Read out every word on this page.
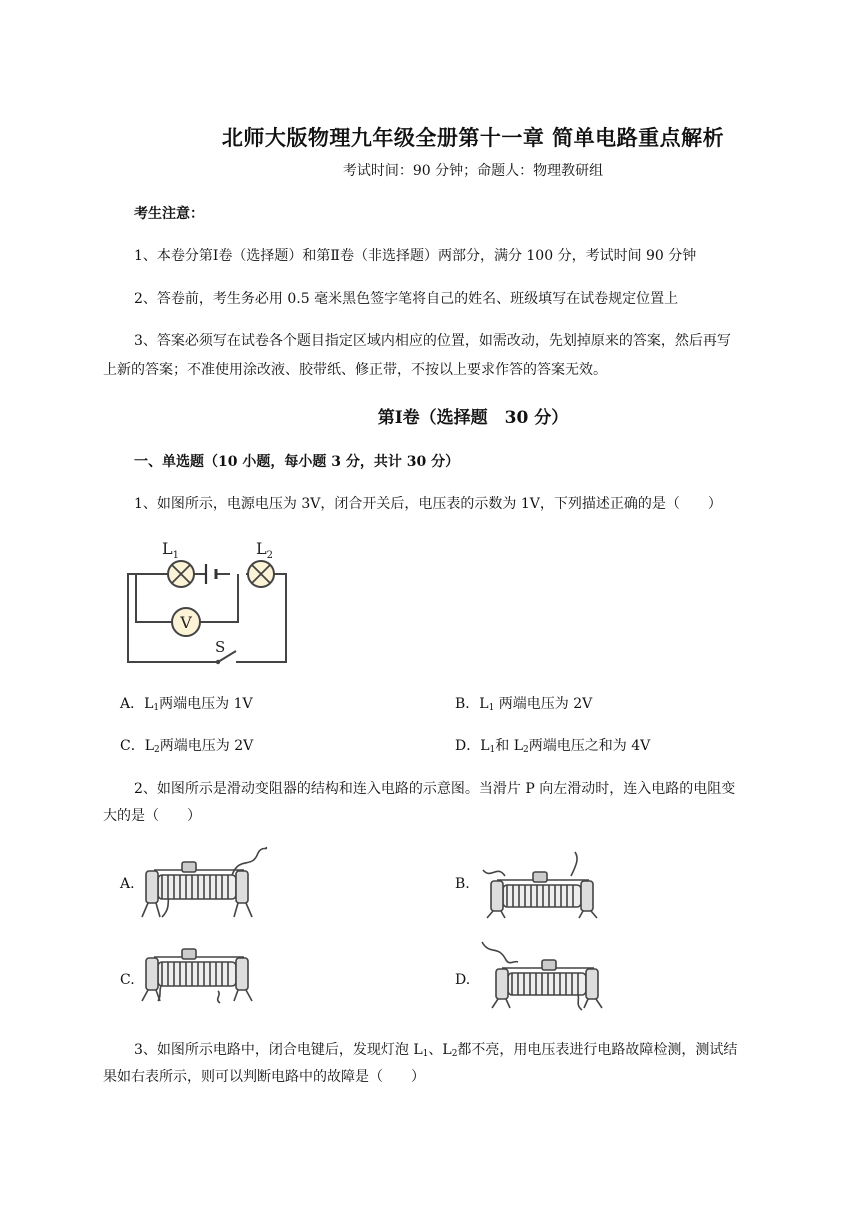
北师大版物理九年级全册第十一章 简单电路重点解析
考试时间：90 分钟；命题人：物理教研组
考生注意：
1、本卷分第Ⅰ卷（选择题）和第Ⅱ卷（非选择题）两部分，满分 100 分，考试时间 90 分钟
2、答卷前，考生务必用 0.5 毫米黑色签字笔将自己的姓名、班级填写在试卷规定位置上
3、答案必须写在试卷各个题目指定区域内相应的位置，如需改动，先划掉原来的答案，然后再写
上新的答案；不准使用涂改液、胶带纸、修正带，不按以上要求作答的答案无效。
第Ⅰ卷（选择题　30 分）
一、单选题（10 小题，每小题 3 分，共计 30 分）
1、如图所示，电源电压为 3V，闭合开关后，电压表的示数为 1V，下列描述正确的是（　　）
V
S
$L_1$	$L_2$
A．$L_1$两端电压为 1V	B．$L_1$ 两端电压为 2V
C．$L_2$两端电压为 2V	D．$L_1$和 $L_2$两端电压之和为 4V
2、如图所示是滑动变阻器的结构和连入电路的示意图。当滑片 P 向左滑动时，连入电路的电阻变
大的是（　　）
A.	B.
C.	D.
3、如图所示电路中，闭合电键后，发现灯泡 $L_1$、$L_2$都不亮，用电压表进行电路故障检测，测试结
果如右表所示，则可以判断电路中的故障是（　　）
